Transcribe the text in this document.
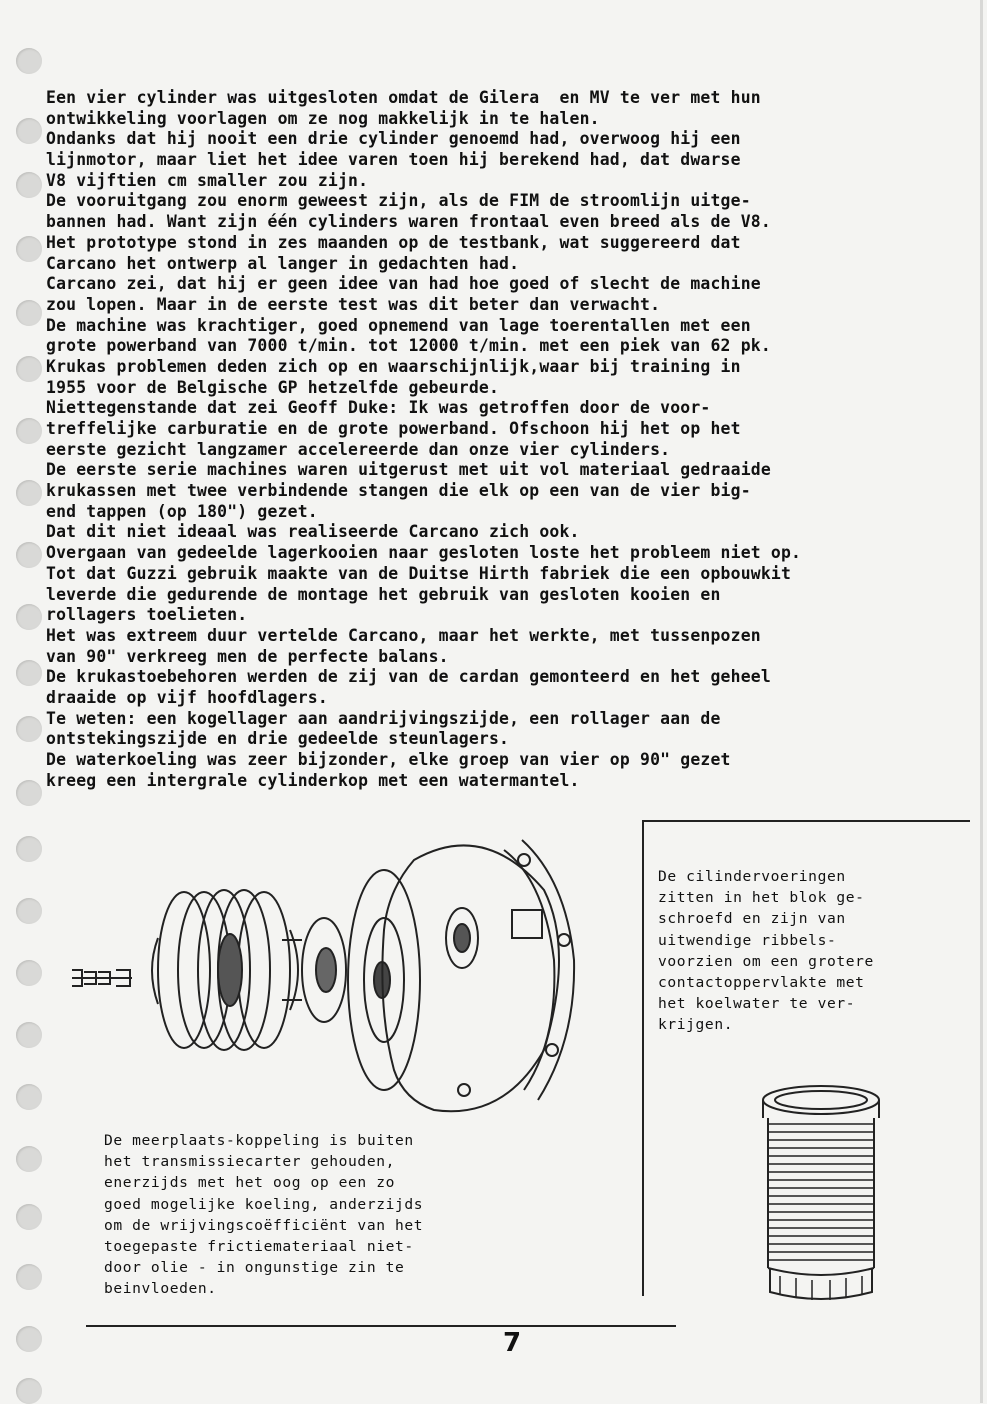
Een vier cylinder was uitgesloten omdat de Gilera  en MV te ver met hun
ontwikkeling voorlagen om ze nog makkelijk in te halen.
Ondanks dat hij nooit een drie cylinder genoemd had, overwoog hij een
lijnmotor, maar liet het idee varen toen hij berekend had, dat dwarse
V8 vijftien cm smaller zou zijn.
De vooruitgang zou enorm geweest zijn, als de FIM de stroomlijn uitge-
bannen had. Want zijn één cylinders waren frontaal even breed als de V8.
Het prototype stond in zes maanden op de testbank, wat suggereerd dat
Carcano het ontwerp al langer in gedachten had.
Carcano zei, dat hij er geen idee van had hoe goed of slecht de machine
zou lopen. Maar in de eerste test was dit beter dan verwacht.
De machine was krachtiger, goed opnemend van lage toerentallen met een
grote powerband van 7000 t/min. tot 12000 t/min. met een piek van 62 pk.
Krukas problemen deden zich op en waarschijnlijk,waar bij training in
1955 voor de Belgische GP hetzelfde gebeurde.
Niettegenstande dat zei Geoff Duke: Ik was getroffen door de voor-
treffelijke carburatie en de grote powerband. Ofschoon hij het op het
eerste gezicht langzamer accelereerde dan onze vier cylinders.
De eerste serie machines waren uitgerust met uit vol materiaal gedraaide
krukassen met twee verbindende stangen die elk op een van de vier big-
end tappen (op 180") gezet.
Dat dit niet ideaal was realiseerde Carcano zich ook.
Overgaan van gedeelde lagerkooien naar gesloten loste het probleem niet op.
Tot dat Guzzi gebruik maakte van de Duitse Hirth fabriek die een opbouwkit
leverde die gedurende de montage het gebruik van gesloten kooien en
rollagers toelieten.
Het was extreem duur vertelde Carcano, maar het werkte, met tussenpozen
van 90" verkreeg men de perfecte balans.
De krukastoebehoren werden de zij van de cardan gemonteerd en het geheel
draaide op vijf hoofdlagers.
Te weten: een kogellager aan aandrijvingszijde, een rollager aan de
ontstekingszijde en drie gedeelde steunlagers.
De waterkoeling was zeer bijzonder, elke groep van vier op 90" gezet
kreeg een intergrale cylinderkop met een watermantel.
De cilindervoeringen
zitten in het blok ge-
schroefd en zijn van
uitwendige ribbels-
voorzien om een grotere
contactoppervlakte met
het koelwater te ver-
krijgen.
De meerplaats-koppeling is buiten
het transmissiecarter gehouden,
enerzijds met het oog op een zo
goed mogelijke koeling, anderzijds
om de wrijvingscoëfficiënt van het
toegepaste frictiemateriaal niet-
door olie - in ongunstige zin te
beinvloeden.
7
